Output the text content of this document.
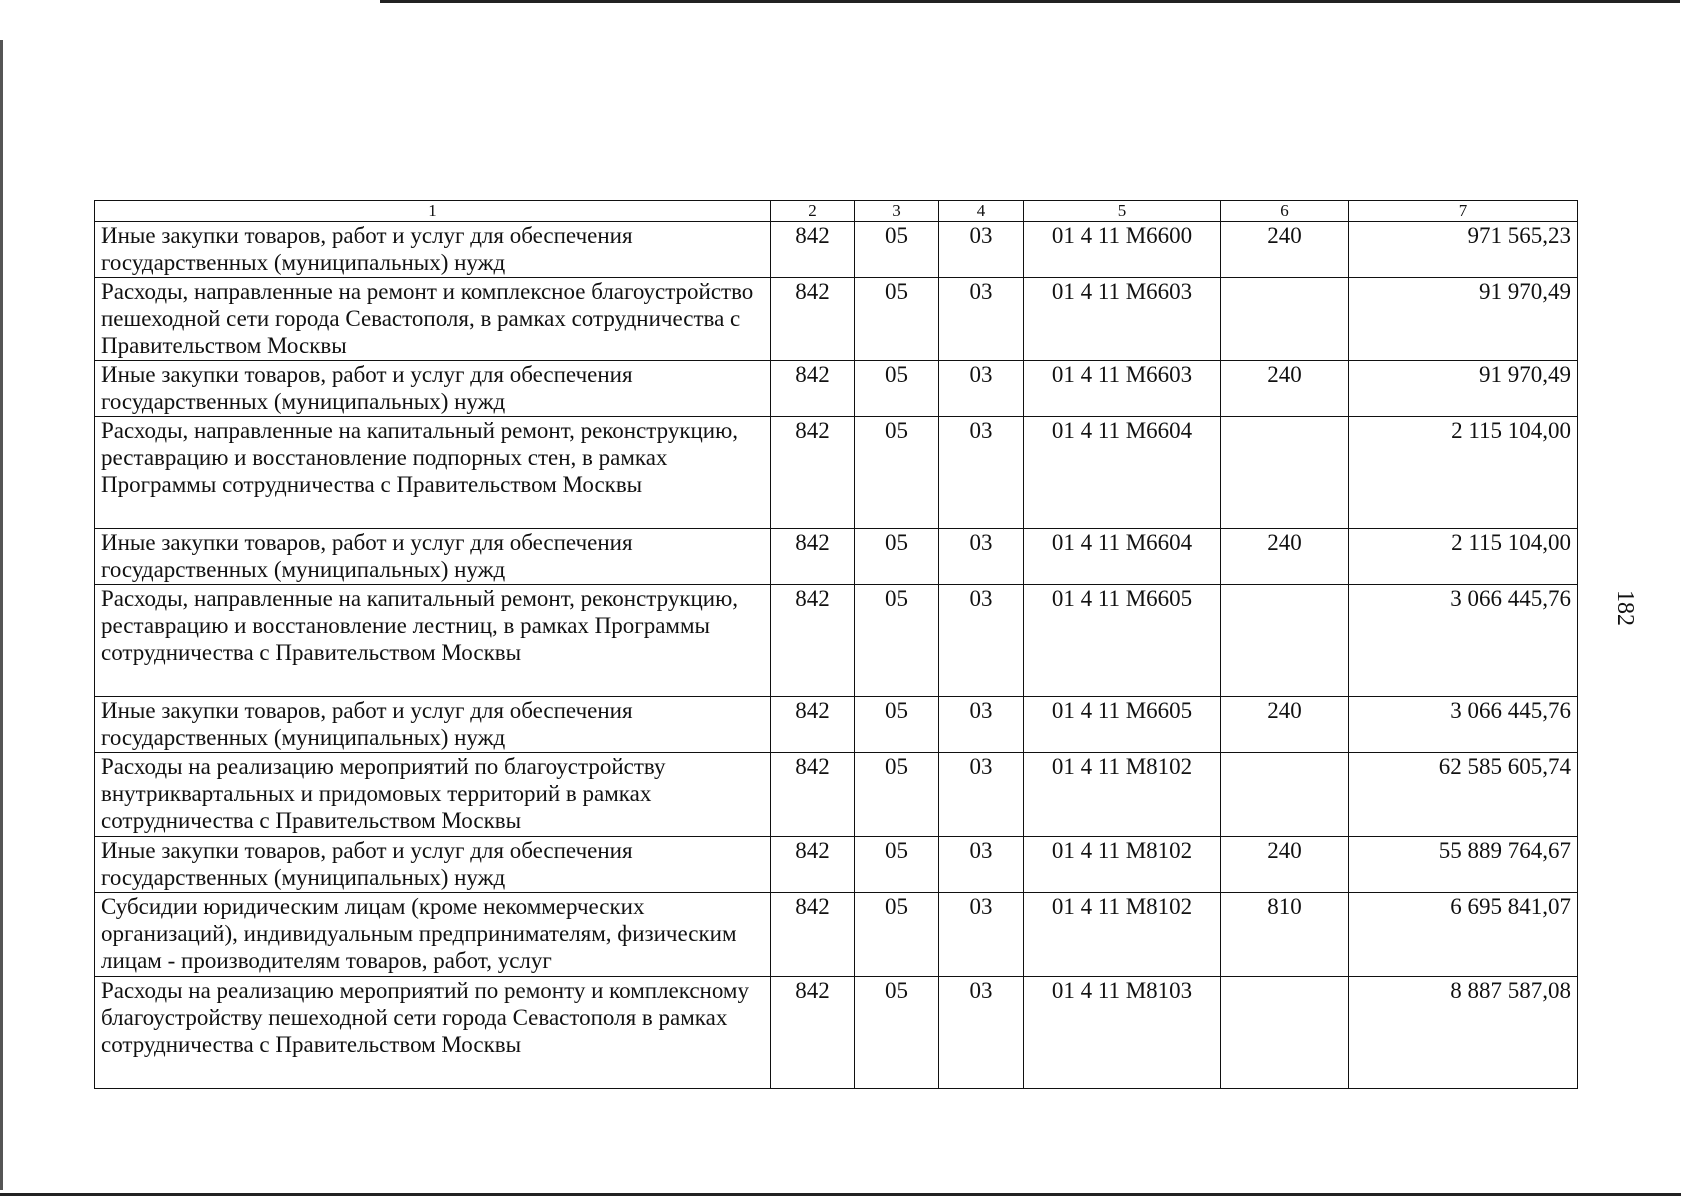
182
1	2	3	4	5	6	7
Иные закупки товаров, работ и услуг для обеспечения государственных (муниципальных) нужд	842	05	03	01 4 11 М6600	240	971 565,23
Расходы, направленные на ремонт и комплексное благоустройство пешеходной сети города Севастополя, в рамках сотрудничества с Правительством Москвы	842	05	03	01 4 11 М6603		91 970,49
Иные закупки товаров, работ и услуг для обеспечения государственных (муниципальных) нужд	842	05	03	01 4 11 М6603	240	91 970,49
Расходы, направленные на капитальный ремонт, реконструкцию, реставрацию и восстановление подпорных стен, в рамках Программы сотрудничества с Правительством Москвы	842	05	03	01 4 11 М6604		2 115 104,00
Иные закупки товаров, работ и услуг для обеспечения государственных (муниципальных) нужд	842	05	03	01 4 11 М6604	240	2 115 104,00
Расходы, направленные на капитальный ремонт, реконструкцию, реставрацию и восстановление лестниц, в рамках Программы сотрудничества с Правительством Москвы	842	05	03	01 4 11 М6605		3 066 445,76
Иные закупки товаров, работ и услуг для обеспечения государственных (муниципальных) нужд	842	05	03	01 4 11 М6605	240	3 066 445,76
Расходы на реализацию мероприятий по благоустройству внутриквартальных и придомовых территорий в рамках сотрудничества с Правительством Москвы	842	05	03	01 4 11 М8102		62 585 605,74
Иные закупки товаров, работ и услуг для обеспечения государственных (муниципальных) нужд	842	05	03	01 4 11 М8102	240	55 889 764,67
Субсидии юридическим лицам (кроме некоммерческих организаций), индивидуальным предпринимателям, физическим лицам - производителям товаров, работ, услуг	842	05	03	01 4 11 М8102	810	6 695 841,07
Расходы на реализацию мероприятий по ремонту и комплексному благоустройству пешеходной сети города Севастополя в рамках сотрудничества с Правительством Москвы	842	05	03	01 4 11 М8103		8 887 587,08
